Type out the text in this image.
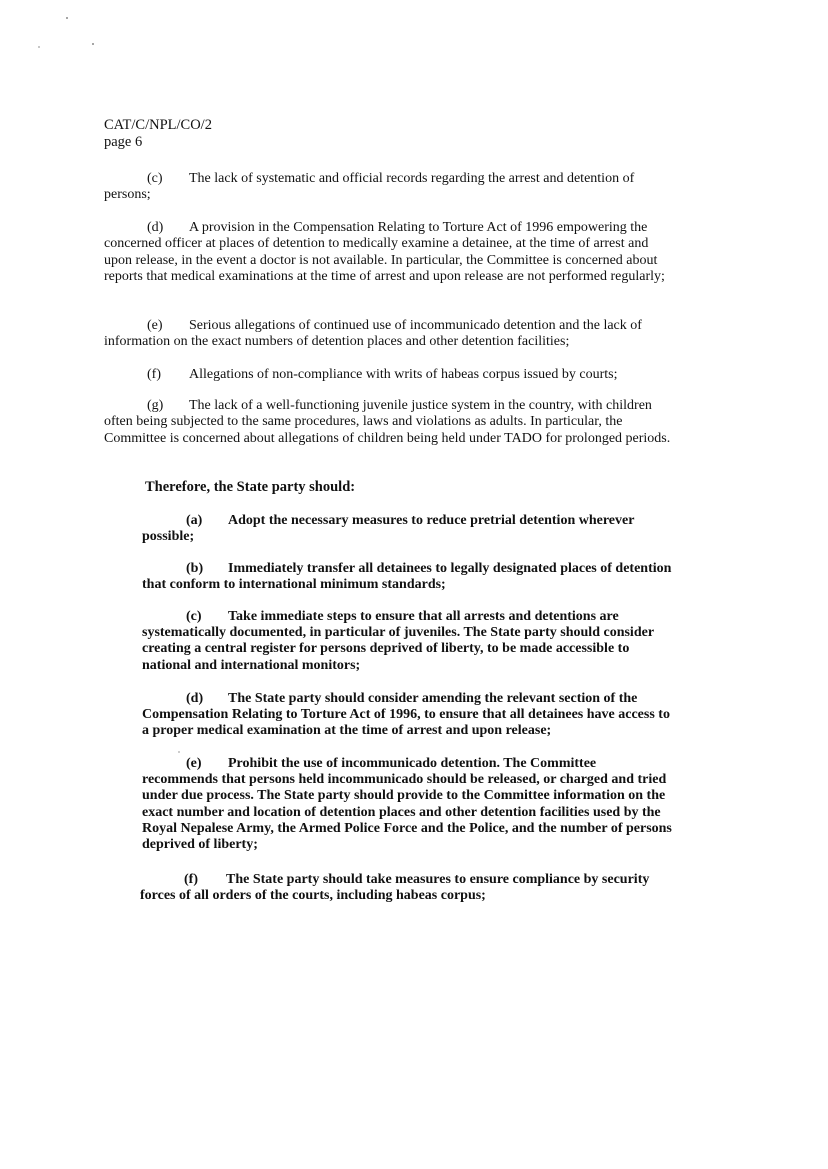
CAT/C/NPL/CO/2
page 6
(c) The lack of systematic and official records regarding the arrest and detention of persons;
(d) A provision in the Compensation Relating to Torture Act of 1996 empowering the concerned officer at places of detention to medically examine a detainee, at the time of arrest and upon release, in the event a doctor is not available. In particular, the Committee is concerned about reports that medical examinations at the time of arrest and upon release are not performed regularly;
(e) Serious allegations of continued use of incommunicado detention and the lack of information on the exact numbers of detention places and other detention facilities;
(f) Allegations of non-compliance with writs of habeas corpus issued by courts;
(g) The lack of a well-functioning juvenile justice system in the country, with children often being subjected to the same procedures, laws and violations as adults. In particular, the Committee is concerned about allegations of children being held under TADO for prolonged periods.
Therefore, the State party should:
(a) Adopt the necessary measures to reduce pretrial detention wherever possible;
(b) Immediately transfer all detainees to legally designated places of detention that conform to international minimum standards;
(c) Take immediate steps to ensure that all arrests and detentions are systematically documented, in particular of juveniles. The State party should consider creating a central register for persons deprived of liberty, to be made accessible to national and international monitors;
(d) The State party should consider amending the relevant section of the Compensation Relating to Torture Act of 1996, to ensure that all detainees have access to a proper medical examination at the time of arrest and upon release;
(e) Prohibit the use of incommunicado detention. The Committee recommends that persons held incommunicado should be released, or charged and tried under due process. The State party should provide to the Committee information on the exact number and location of detention places and other detention facilities used by the Royal Nepalese Army, the Armed Police Force and the Police, and the number of persons deprived of liberty;
(f) The State party should take measures to ensure compliance by security forces of all orders of the courts, including habeas corpus;
